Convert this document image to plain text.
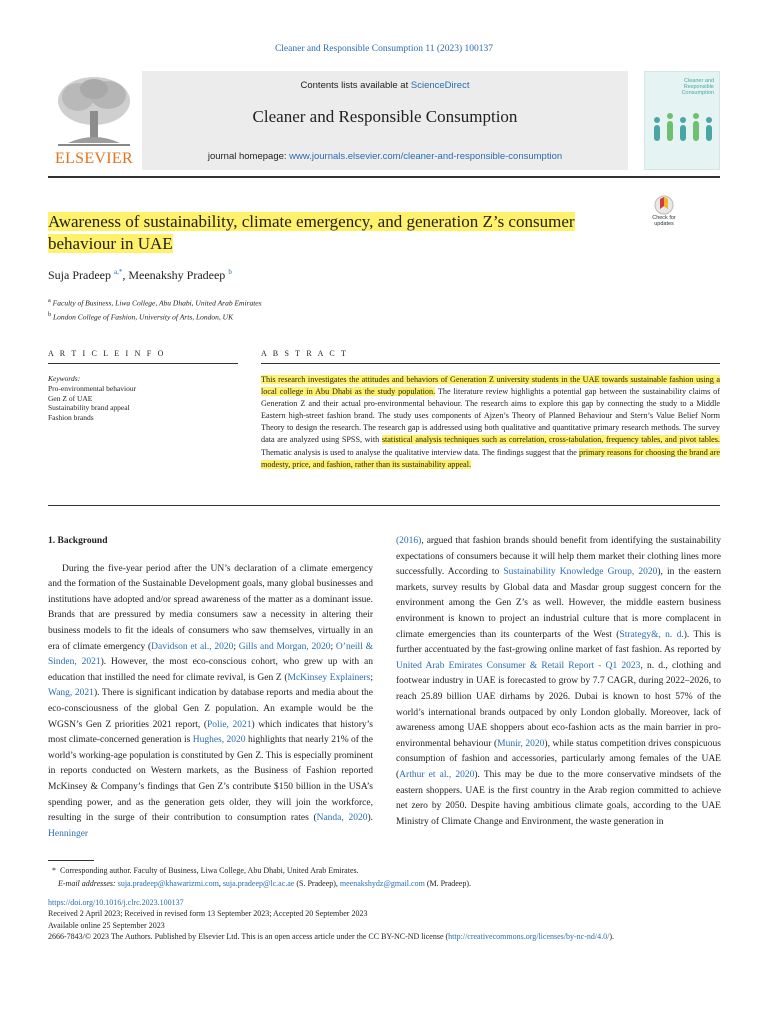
Cleaner and Responsible Consumption 11 (2023) 100137
ELSEVIER
Contents lists available at ScienceDirect
Cleaner and Responsible Consumption
journal homepage: www.journals.elsevier.com/cleaner-and-responsible-consumption
Cleaner and Responsible Consumption
Check for updates
Awareness of sustainability, climate emergency, and generation Z’s consumer behaviour in UAE
Suja Pradeep $^{a,*}$, Meenakshy Pradeep $^b$
$^a$ Faculty of Business, Liwa College, Abu Dhabi, United Arab Emirates
$^b$ London College of Fashion, University of Arts, London, UK
A R T I C L E I N F O
Keywords:
Pro-environmental behaviour
Gen Z of UAE
Sustainability brand appeal
Fashion brands
A B S T R A C T
This research investigates the attitudes and behaviors of Generation Z university students in the UAE towards sustainable fashion using a local college in Abu Dhabi as the study population. The literature review highlights a potential gap between the sustainability claims of Generation Z and their actual pro-environmental behaviour. The research aims to explore this gap by connecting the study to a Middle Eastern high-street fashion brand. The study uses components of Ajzen’s Theory of Planned Behaviour and Stern’s Value Belief Norm Theory to design the research. The research gap is addressed using both qualitative and quantitative primary research methods. The survey data are analyzed using SPSS, with statistical analysis techniques such as correlation, cross-tabulation, frequency tables, and pivot tables. Thematic analysis is used to analyse the qualitative interview data. The findings suggest that the primary reasons for choosing the brand are modesty, price, and fashion, rather than its sustainability appeal.
1. Background
During the five-year period after the UN’s declaration of a climate emergency and the formation of the Sustainable Development goals, many global businesses and institutions have adopted and/or spread awareness of the matter as a dominant issue. Brands that are pressured by media consumers saw a necessity in altering their business models to fit the ideals of consumers who saw themselves, virtually in an era of climate emergency (Davidson et al., 2020; Gills and Morgan, 2020; O’neill & Sinden, 2021). However, the most eco-conscious cohort, who grew up with an education that instilled the need for climate revival, is Gen Z (McKinsey Explainers; Wang, 2021). There is significant indication by database reports and media about the eco-consciousness of the global Gen Z population. An example would be the WGSN’s Gen Z priorities 2021 report, (Polie, 2021) which indicates that history’s most climate-concerned generation is Hughes, 2020 highlights that nearly 21% of the world’s working-age population is constituted by Gen Z. This is especially prominent in reports conducted on Western markets, as the Business of Fashion reported McKinsey & Company’s findings that Gen Z’s contribute $150 billion in the USA’s spending power, and as the generation gets older, they will join the workforce, resulting in the surge of their contribution to consumption rates (Nanda, 2020). Henninger
(2016), argued that fashion brands should benefit from identifying the sustainability expectations of consumers because it will help them market their clothing lines more successfully. According to Sustainability Knowledge Group, 2020), in the eastern markets, survey results by Global data and Masdar group suggest concern for the environment among the Gen Z’s as well. However, the middle eastern business environment is known to project an industrial culture that is more complacent in climate emergencies than its counterparts of the West (Strategy&, n. d.). This is further accentuated by the fast-growing online market of fast fashion. As reported by United Arab Emirates Consumer & Retail Report - Q1 2023, n. d., clothing and footwear industry in UAE is forecasted to grow by 7.7 CAGR, during 2022–2026, to reach 25.89 billion UAE dirhams by 2026. Dubai is known to host 57% of the world’s international brands outpaced by only London globally. Moreover, lack of awareness among UAE shoppers about eco-fashion acts as the main barrier in pro-environmental behaviour (Munir, 2020), while status competition drives conspicuous consumption of fashion and accessories, particularly among females of the UAE (Arthur et al., 2020). This may be due to the more conservative mindsets of the eastern shoppers. UAE is the first country in the Arab region committed to achieve net zero by 2050. Despite having ambitious climate goals, according to the UAE Ministry of Climate Change and Environment, the waste generation in
* Corresponding author. Faculty of Business, Liwa College, Abu Dhabi, United Arab Emirates.
E-mail addresses: suja.pradeep@khawarizmi.com, suja.pradeep@lc.ac.ae (S. Pradeep), meenakshydz@gmail.com (M. Pradeep).
https://doi.org/10.1016/j.clrc.2023.100137
Received 2 April 2023; Received in revised form 13 September 2023; Accepted 20 September 2023
Available online 25 September 2023
2666-7843/© 2023 The Authors. Published by Elsevier Ltd. This is an open access article under the CC BY-NC-ND license (http://creativecommons.org/licenses/by-nc-nd/4.0/).
